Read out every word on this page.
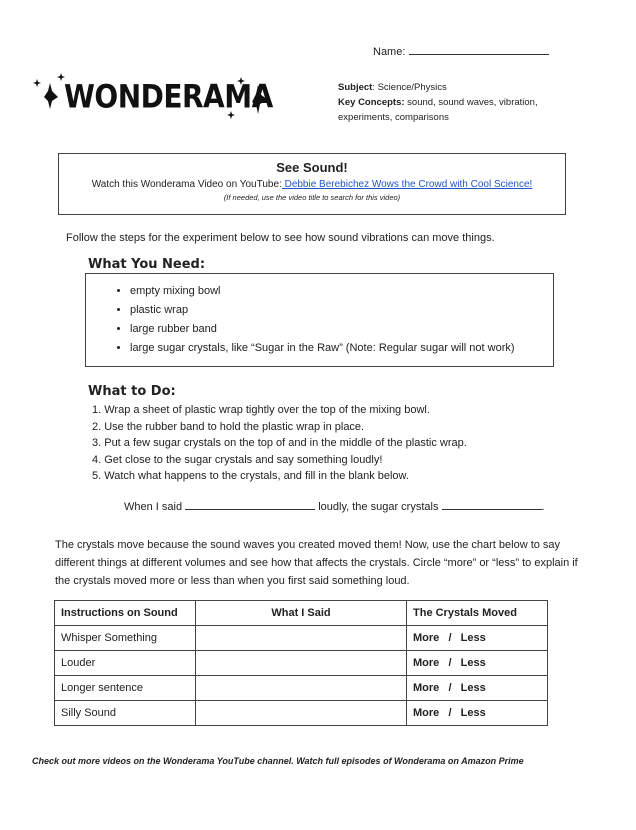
Name:
WONDERAMA	Subject: Science/Physics
Key Concepts: sound, sound waves, vibration, experiments, comparisons
See Sound!
Watch this Wonderama Video on YouTube: Debbie Berebichez Wows the Crowd with Cool Science!
(If needed, use the video title to search for this video)
Follow the steps for the experiment below to see how sound vibrations can move things.
What You Need:
• empty mixing bowl
• plastic wrap
• large rubber band
• large sugar crystals, like “Sugar in the Raw” (Note: Regular sugar will not work)
What to Do:
1. Wrap a sheet of plastic wrap tightly over the top of the mixing bowl.
2. Use the rubber band to hold the plastic wrap in place.
3. Put a few sugar crystals on the top of and in the middle of the plastic wrap.
4. Get close to the sugar crystals and say something loudly!
5. Watch what happens to the crystals, and fill in the blank below.
When I said	loudly, the sugar crystals	.
The crystals move because the sound waves you created moved them! Now, use the chart below to say different things at different volumes and see how that affects the crystals. Circle “more” or “less” to explain if the crystals moved more or less than when you first said something loud.
Instructions on Sound	What I Said	The Crystals Moved
Whisper Something		More   /   Less
Louder		More   /   Less
Longer sentence		More   /   Less
Silly Sound		More   /   Less
Check out more videos on the Wonderama YouTube channel. Watch full episodes of Wonderama on Amazon Prime
